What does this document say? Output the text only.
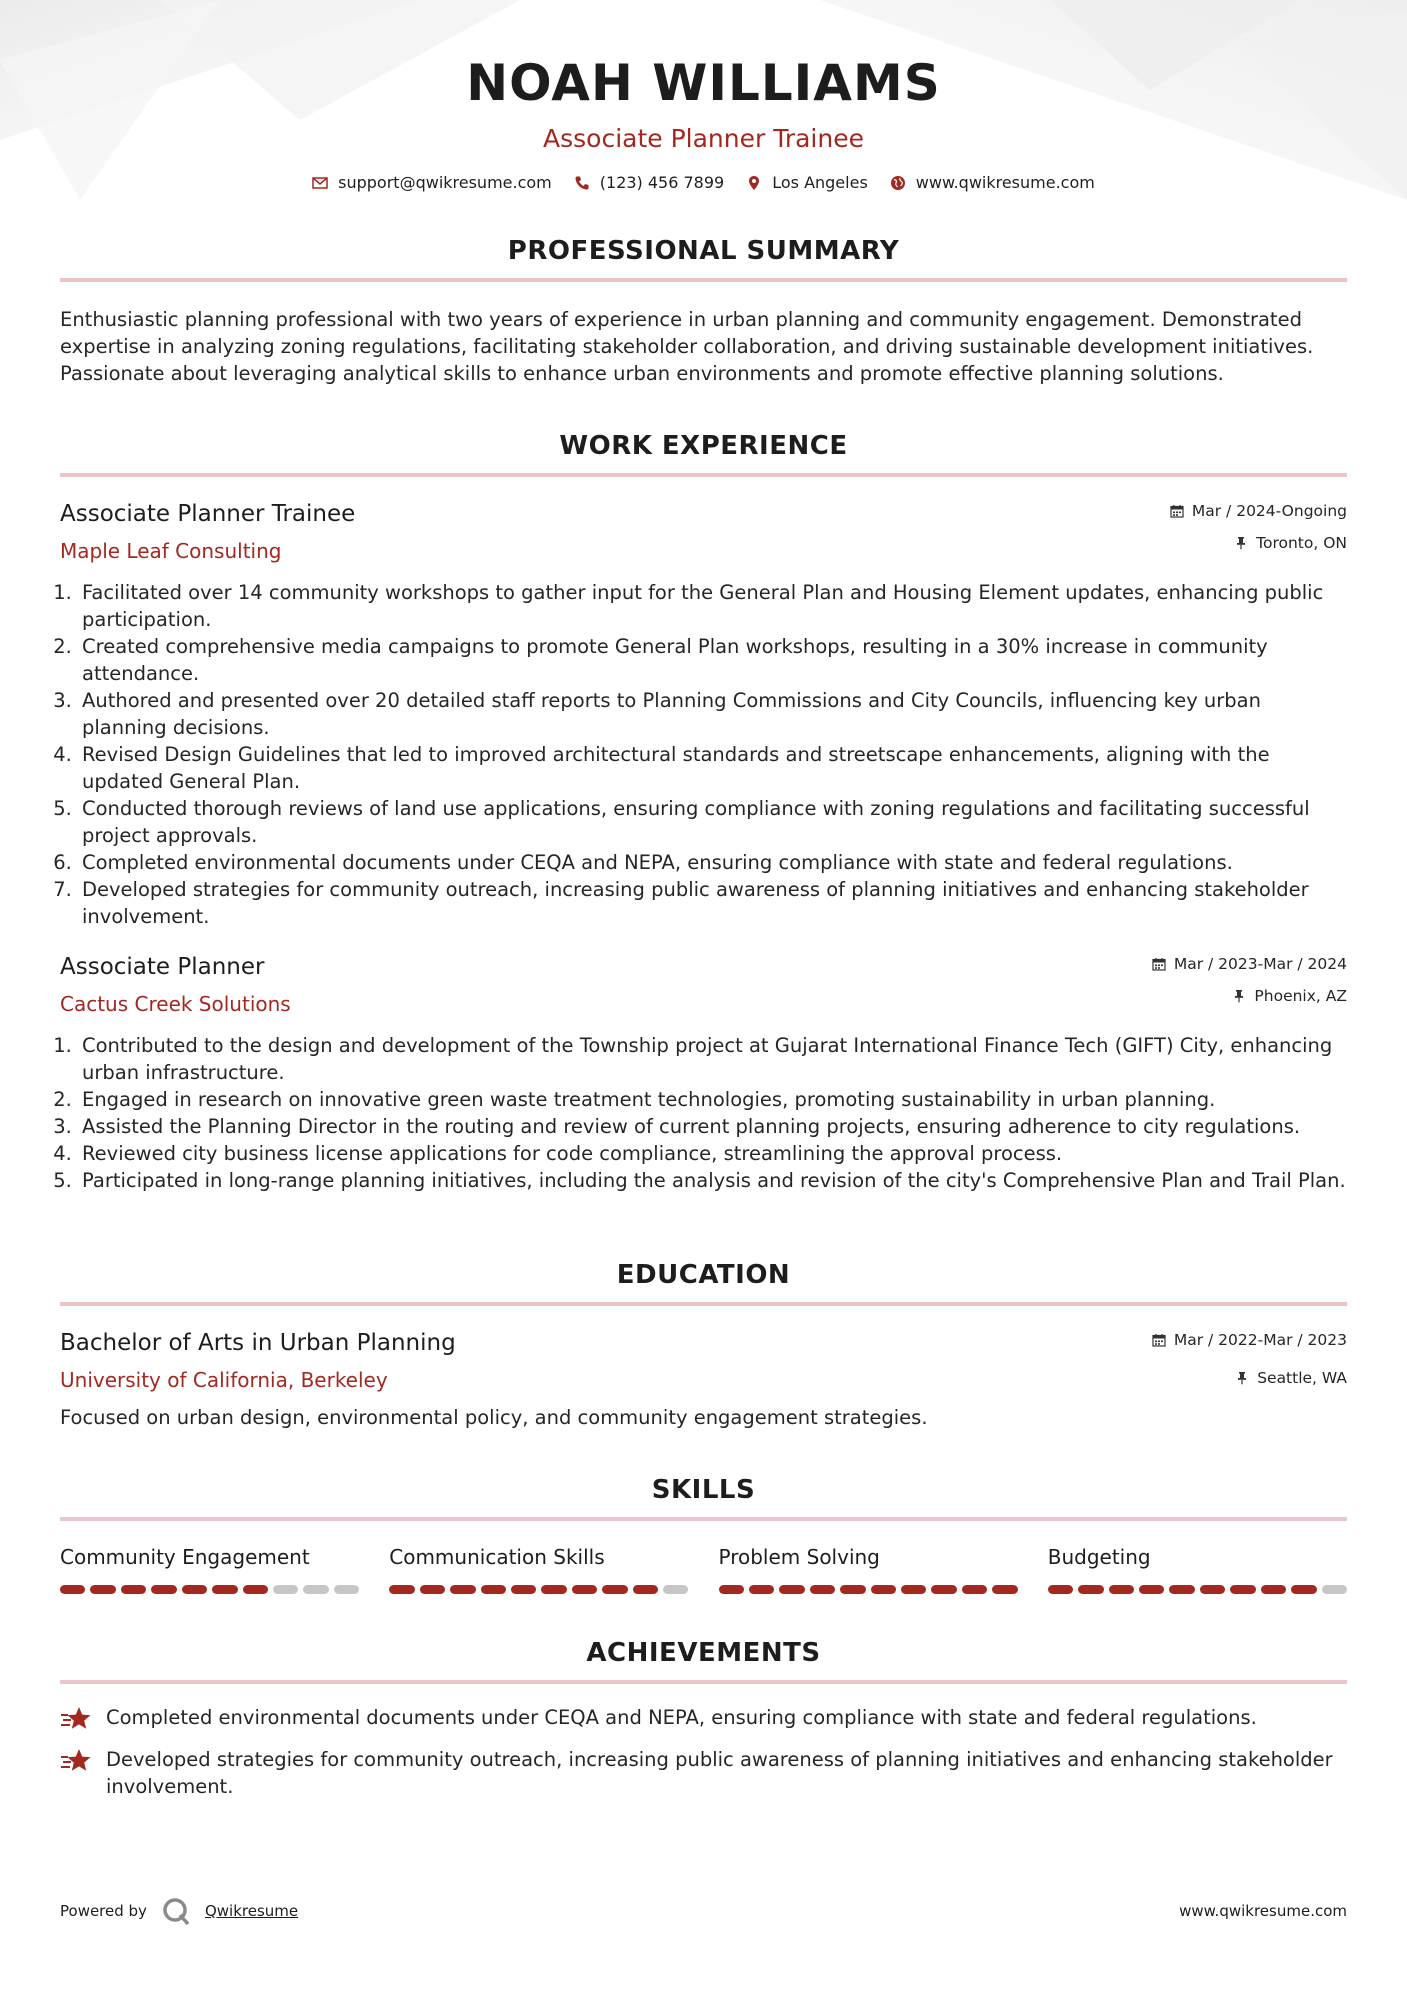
NOAH WILLIAMS
Associate Planner Trainee
support@qwikresume.com	(123) 456 7899	Los Angeles	www.qwikresume.com
PROFESSIONAL SUMMARY
Enthusiastic planning professional with two years of experience in urban planning and community engagement. Demonstrated expertise in analyzing zoning regulations, facilitating stakeholder collaboration, and driving sustainable development initiatives. Passionate about leveraging analytical skills to enhance urban environments and promote effective planning solutions.
WORK EXPERIENCE
Associate Planner Trainee
Maple Leaf Consulting
Mar / 2024-Ongoing
Toronto, ON
1. Facilitated over 14 community workshops to gather input for the General Plan and Housing Element updates, enhancing public participation.
2. Created comprehensive media campaigns to promote General Plan workshops, resulting in a 30% increase in community attendance.
3. Authored and presented over 20 detailed staff reports to Planning Commissions and City Councils, influencing key urban planning decisions.
4. Revised Design Guidelines that led to improved architectural standards and streetscape enhancements, aligning with the updated General Plan.
5. Conducted thorough reviews of land use applications, ensuring compliance with zoning regulations and facilitating successful project approvals.
6. Completed environmental documents under CEQA and NEPA, ensuring compliance with state and federal regulations.
7. Developed strategies for community outreach, increasing public awareness of planning initiatives and enhancing stakeholder involvement.
Associate Planner
Cactus Creek Solutions
Mar / 2023-Mar / 2024
Phoenix, AZ
1. Contributed to the design and development of the Township project at Gujarat International Finance Tech (GIFT) City, enhancing urban infrastructure.
2. Engaged in research on innovative green waste treatment technologies, promoting sustainability in urban planning.
3. Assisted the Planning Director in the routing and review of current planning projects, ensuring adherence to city regulations.
4. Reviewed city business license applications for code compliance, streamlining the approval process.
5. Participated in long-range planning initiatives, including the analysis and revision of the city's Comprehensive Plan and Trail Plan.
EDUCATION
Bachelor of Arts in Urban Planning
University of California, Berkeley
Mar / 2022-Mar / 2023
Seattle, WA
Focused on urban design, environmental policy, and community engagement strategies.
SKILLS
Community Engagement	Communication Skills	Problem Solving	Budgeting
ACHIEVEMENTS
Completed environmental documents under CEQA and NEPA, ensuring compliance with state and federal regulations.
Developed strategies for community outreach, increasing public awareness of planning initiatives and enhancing stakeholder involvement.
Powered by	Qwikresume	www.qwikresume.com
